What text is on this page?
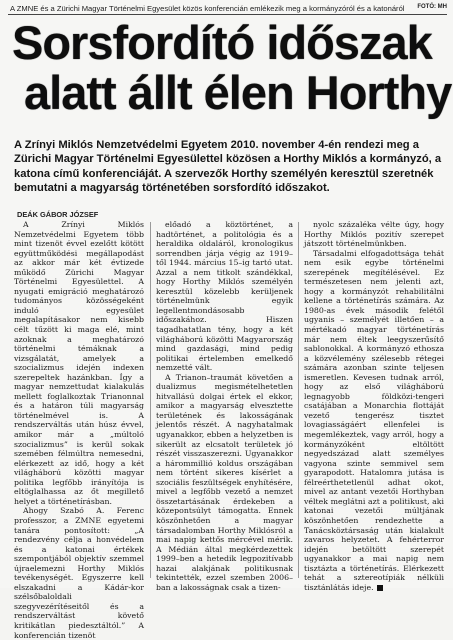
A ZMNE és a Zürichi Magyar Történelmi Egyesület közös konferencián emlékezik meg a kormányzóról és a katonáról	FOTÓ: MH
Sorsfordító időszak
alatt állt élen Horthy

A Zrínyi Miklós Nemzetvédelmi Egyetem 2010. november 4-én rendezi meg a Zürichi Magyar Történelmi Egyesülettel közösen a Horthy Miklós a kormányzó, a katona című konferenciáját. A szervezők Horthy személyén keresztül szeretnék bemutatni a magyarság történetében sorsfordító időszakot.

DEÁK GÁBOR JÓZSEF

A Zrínyi Miklós Nemzetvédelmi Egyetem több mint tizenöt évvel ezelőtt kötött együttműködési megállapodást az akkor már két évtizede működő Zürichi Magyar Történelmi Egyesülettel. A nyugati emigráció meghatározó tudományos közösségeként induló egyesület megalapításakor nem kisebb célt tűzött ki maga elé, mint azoknak a meghatározó történelmi témáknak a vizsgálatát, amelyek a szocializmus idején indexen szerepeltek hazánkban. Így a magyar nemzettudat kialakulás mellett foglalkoztak Trianonnal és a határon túli magyarság történelmével is. A rendszerváltás után húsz évvel, amikor már a „múltoló szocializmus” is kerül sokak szemében félmúltra nemesedni, elérkezett az idő, hogy a két világháború közötti magyar politika legfőbb irányítója is eltöglalhassa az őt megillető helyet a történetírásban.

Ahogy Szabó A. Ferenc professzor, a ZMNE egyetemi tanára pontosított: „A rendezvény célja a honvédelem és a katonai értékek szempontjából objektív szemmel újraelemezni Horthy Miklós tevékenységét. Egyszerre kell elszakadni a Kádár-kor szélsőbaloldali szegyvezérítéseitől és a rendszerváltást követő kritikátlan piedesztáltól.” A konferencián tizenöt

előadó a köztörténet, a hadtörténet, a politológia és a heraldika oldaláról, kronologikus sorrendben járja végig az 1919–től 1944. március 15–ig tartó utat. Azzal a nem titkolt szándékkal, hogy Horthy Miklós személyén keresztül közelebb kerüljenek történelmünk egyik legellentmondásosabb időszakához. Hiszen tagadhatatlan tény, hogy a két világháború közötti Magyarország mind gazdasági, mind pedig politikai értelemben emelkedő nemzetté vált.

A Trianon–traumát követően a dualizmus megismételhetetlen hitvallású dolgai értek el ekkor, amikor a magyarság elvesztette területének és lakosságának jelentős részét. A nagyhatalmak ugyanakkor, ebben a helyzetben is sikerült az elcsatolt területek jó részét visszaszerezni. Ugyanakkor a hárommillió koldus országában nem történt sikeres kísérlet a szociális feszültségek enyhítésére, mivel a legfőbb vezető a nemzet összetartásának érdekeben a közepontsúlyt támogatta. Ennek köszönhetően a magyar társadalomban Horthy Miklósról a mai napig kettős mércével mérik. A Médián által megkérdezettek 1999–ben a hetedik legpozitívabb hazai alakjának politikusnak tekintették, ezzel szemben 2006–ban a lakosságnak csak a tizen-

nyolc százaléka vélte úgy, hogy Horthy Miklós pozitív szerepet játszott történelmünkben.

Társadalmi elfogadottsága tehát nem esik egybe történelmi szerepének megítélésével. Ez természetesen nem jelenti azt, hogy a kormányzót rehabilitálni kellene a történetírás számára. Az 1980-as évek második felétől ugyanis – személyét illetően – a mértékadó magyar történetírás már nem éltek leegyszerűsítő sablonokkal. A kormányzó ethosza a közvélemény szélesebb rétegei számára azonban szinte teljesen ismeretlen. Kevesen tudnak arról, hogy az első világháború legnagyobb földközi-tengeri csatájában a Monarchia flottáját vezető tengerész tisztet lovagiasságáért ellenfelei is megemlékeztek, vagy arról, hogy a kormányzóként eltöltött negyedszázad alatt személyes vagyona szinte semmivel sem gyarapodott. Hatalomra jutása is félreérthetetlenül adhat okot, mivel az antant vezetői Horthyban véltek meglátni azt a politikust, aki katonai vezetői múltjának köszönhetően rendezhette a Tanácsköztársaság után kialakult zavaros helyzetet. A fehérterror idején betöltött szerepét ugyanakkor a mai napig nem tisztázta a történetírás. Elérkezett tehát a sztereotípiák nélküli tisztánlátás ideje.
